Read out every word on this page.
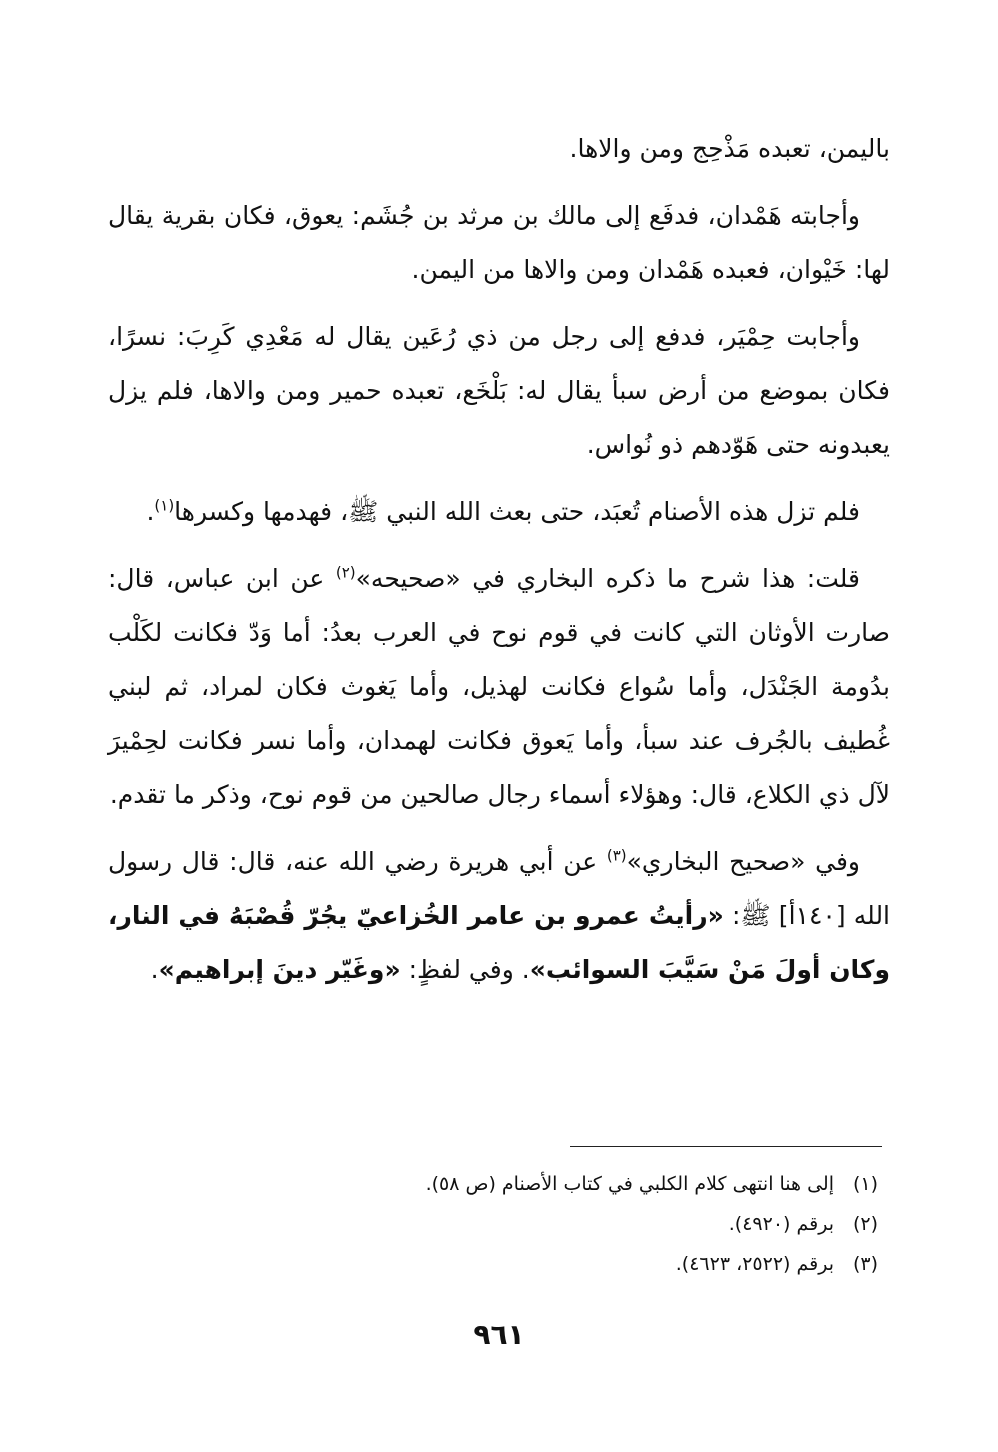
باليمن، تعبده مَذْحِج ومن والاها.

وأجابته هَمْدان، فدفَع إلى مالك بن مرثد بن جُشَم: يعوق، فكان بقرية يقال لها: خَيْوان، فعبده هَمْدان ومن والاها من اليمن.

وأجابت حِمْيَر، فدفع إلى رجل من ذي رُعَين يقال له مَعْدِي كَرِبَ: نسرًا، فكان بموضع من أرض سبأ يقال له: بَلْخَع، تعبده حمير ومن والاها، فلم يزل يعبدونه حتى هَوّدهم ذو نُواس.

فلم تزل هذه الأصنام تُعبَد، حتى بعث الله النبي ﷺ، فهدمها وكسرها$^{(١)}$.

قلت: هذا شرح ما ذكره البخاري في «صحيحه»$^{(٢)}$ عن ابن عباس، قال: صارت الأوثان التي كانت في قوم نوح في العرب بعدُ: أما وَدّ فكانت لكَلْب بدُومة الجَنْدَل، وأما سُواع فكانت لهذيل، وأما يَغوث فكان لمراد، ثم لبني غُطيف بالجُرف عند سبأ، وأما يَعوق فكانت لهمدان، وأما نسر فكانت لحِمْيرَ لآل ذي الكلاع، قال: وهؤلاء أسماء رجال صالحين من قوم نوح، وذكر ما تقدم.

وفي «صحيح البخاري»$^{(٣)}$ عن أبي هريرة رضي الله عنه، قال: قال رسول الله [١٤٠أ] ﷺ: «رأيتُ عمرو بن عامر الخُزاعيّ يجُرّ قُصْبَهُ في النار، وكان أولَ مَنْ سَيَّبَ السوائب». وفي لفظٍ: «وغَيّر دينَ إبراهيم».

(١)إلى هنا انتهى كلام الكلبي في كتاب الأصنام (ص ٥٨).

(٢)برقم (٤٩٢٠).

(٣)برقم (٢٥٢٢، ٤٦٢٣).

٩٦١
